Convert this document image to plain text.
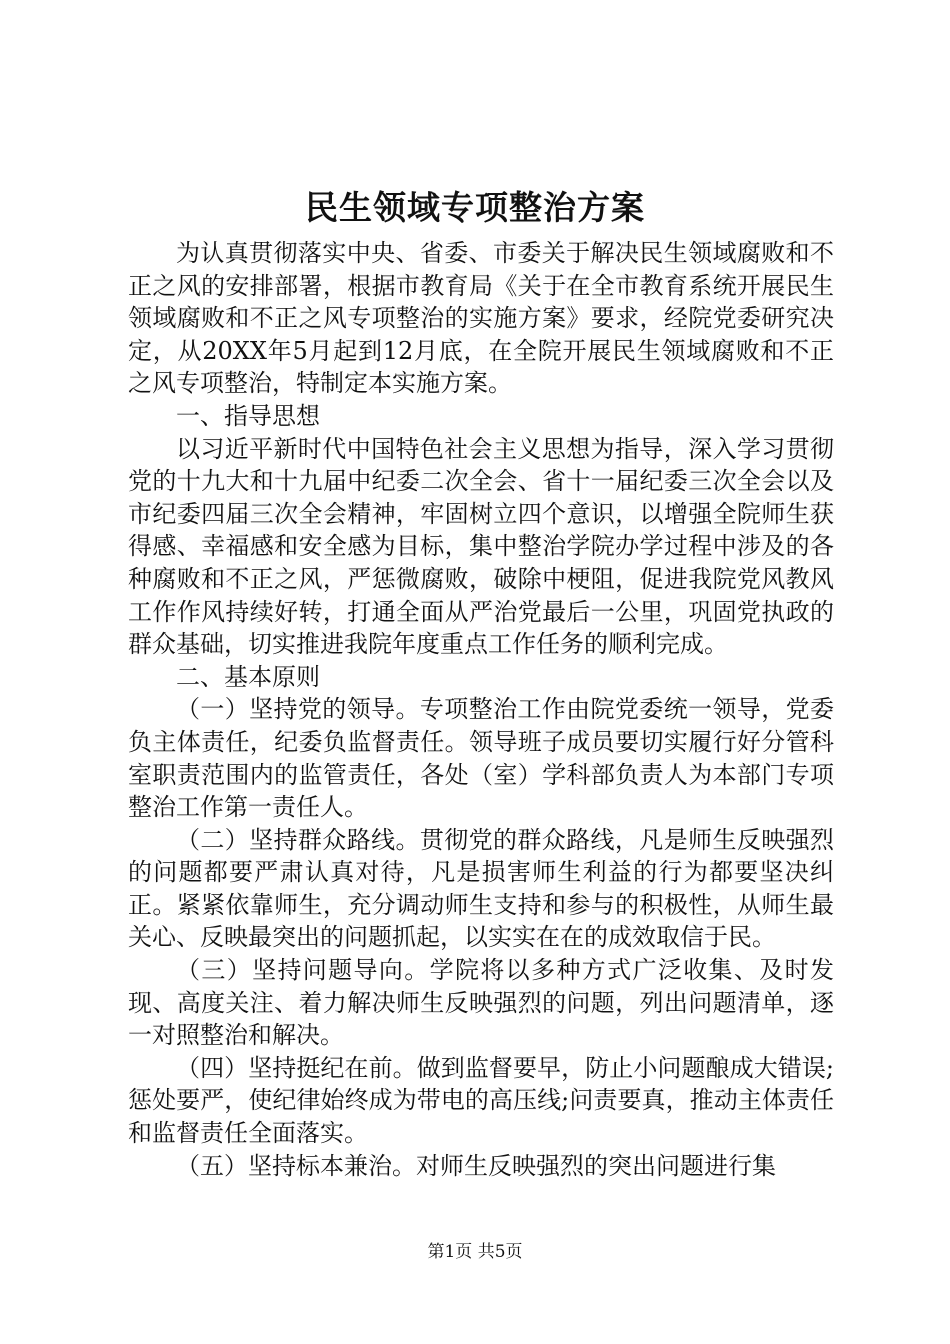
民生领域专项整治方案

为认真贯彻落实中央、省委、市委关于解决民生领域腐败和不正之风的安排部署，根据市教育局《关于在全市教育系统开展民生领域腐败和不正之风专项整治的实施方案》要求，经院党委研究决定，从20XX年5月起到12月底，在全院开展民生领域腐败和不正之风专项整治，特制定本实施方案。

一、指导思想

以习近平新时代中国特色社会主义思想为指导，深入学习贯彻党的十九大和十九届中纪委二次全会、省十一届纪委三次全会以及市纪委四届三次全会精神，牢固树立四个意识，以增强全院师生获得感、幸福感和安全感为目标，集中整治学院办学过程中涉及的各种腐败和不正之风，严惩微腐败，破除中梗阻，促进我院党风教风工作作风持续好转，打通全面从严治党最后一公里，巩固党执政的群众基础，切实推进我院年度重点工作任务的顺利完成。

二、基本原则

（一）坚持党的领导。专项整治工作由院党委统一领导，党委负主体责任，纪委负监督责任。领导班子成员要切实履行好分管科室职责范围内的监管责任，各处（室）学科部负责人为本部门专项整治工作第一责任人。

（二）坚持群众路线。贯彻党的群众路线，凡是师生反映强烈的问题都要严肃认真对待，凡是损害师生利益的行为都要坚决纠正。紧紧依靠师生，充分调动师生支持和参与的积极性，从师生最关心、反映最突出的问题抓起，以实实在在的成效取信于民。

（三）坚持问题导向。学院将以多种方式广泛收集、及时发现、高度关注、着力解决师生反映强烈的问题，列出问题清单，逐一对照整治和解决。

（四）坚持挺纪在前。做到监督要早，防止小问题酿成大错误;惩处要严，使纪律始终成为带电的高压线;问责要真，推动主体责任和监督责任全面落实。

（五）坚持标本兼治。对师生反映强烈的突出问题进行集

第1页 共5页
